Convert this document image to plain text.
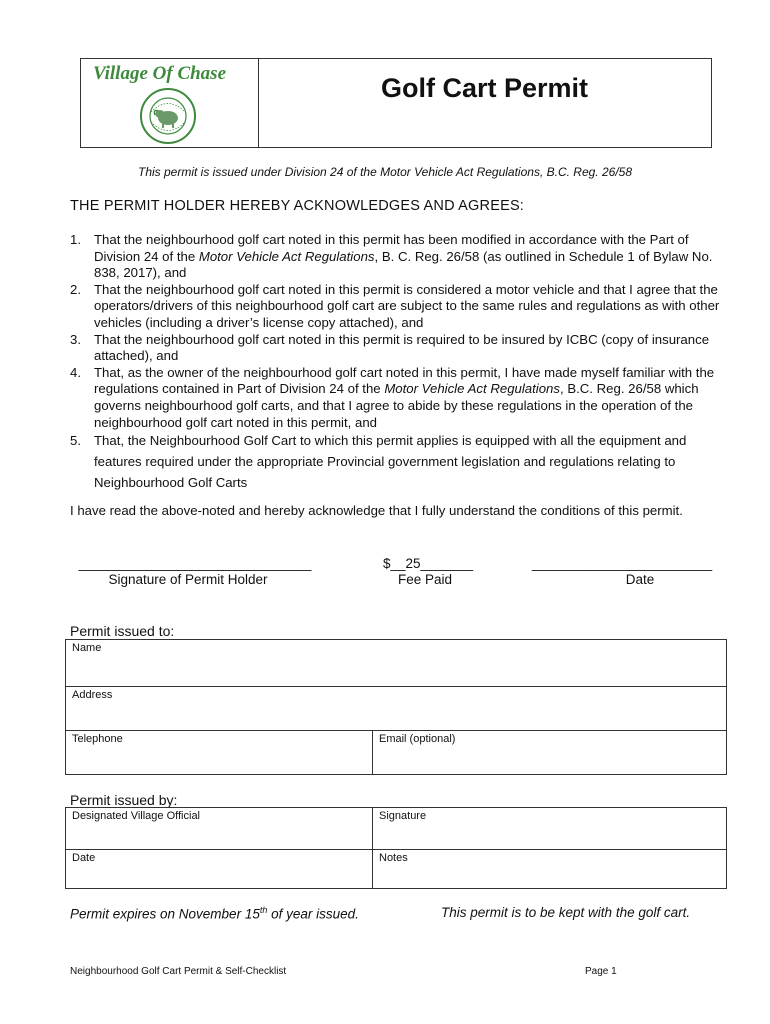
Village Of Chase	Golf Cart Permit
This permit is issued under Division 24 of the Motor Vehicle Act Regulations, B.C. Reg. 26/58
THE PERMIT HOLDER HEREBY ACKNOWLEDGES AND AGREES:
1. That the neighbourhood golf cart noted in this permit has been modified in accordance with the Part of Division 24 of the Motor Vehicle Act Regulations, B. C. Reg. 26/58 (as outlined in Schedule 1 of Bylaw No. 838, 2017), and
2. That the neighbourhood golf cart noted in this permit is considered a motor vehicle and that I agree that the operators/drivers of this neighbourhood golf cart are subject to the same rules and regulations as with other vehicles (including a driver’s license copy attached), and
3. That the neighbourhood golf cart noted in this permit is required to be insured by ICBC (copy of insurance attached), and
4. That, as the owner of the neighbourhood golf cart noted in this permit, I have made myself familiar with the regulations contained in Part of Division 24 of the Motor Vehicle Act Regulations, B.C. Reg. 26/58 which governs neighbourhood golf carts, and that I agree to abide by these regulations in the operation of the neighbourhood golf cart noted in this permit, and
5. That, the Neighbourhood Golf Cart to which this permit applies is equipped with all the equipment and features required under the appropriate Provincial government legislation and regulations relating to Neighbourhood Golf Carts
I have read the above-noted and hereby acknowledge that I fully understand the conditions of this permit.
_______________________________
Signature of Permit Holder
$__25_______
Fee Paid
________________________
Date
Permit issued to:
Name
Address
Telephone	Email (optional)
Permit issued by:
Designated Village Official	Signature
Date	Notes
Permit expires on November 15th of year issued.	This permit is to be kept with the golf cart.
Neighbourhood Golf Cart Permit & Self-Checklist	Page 1
